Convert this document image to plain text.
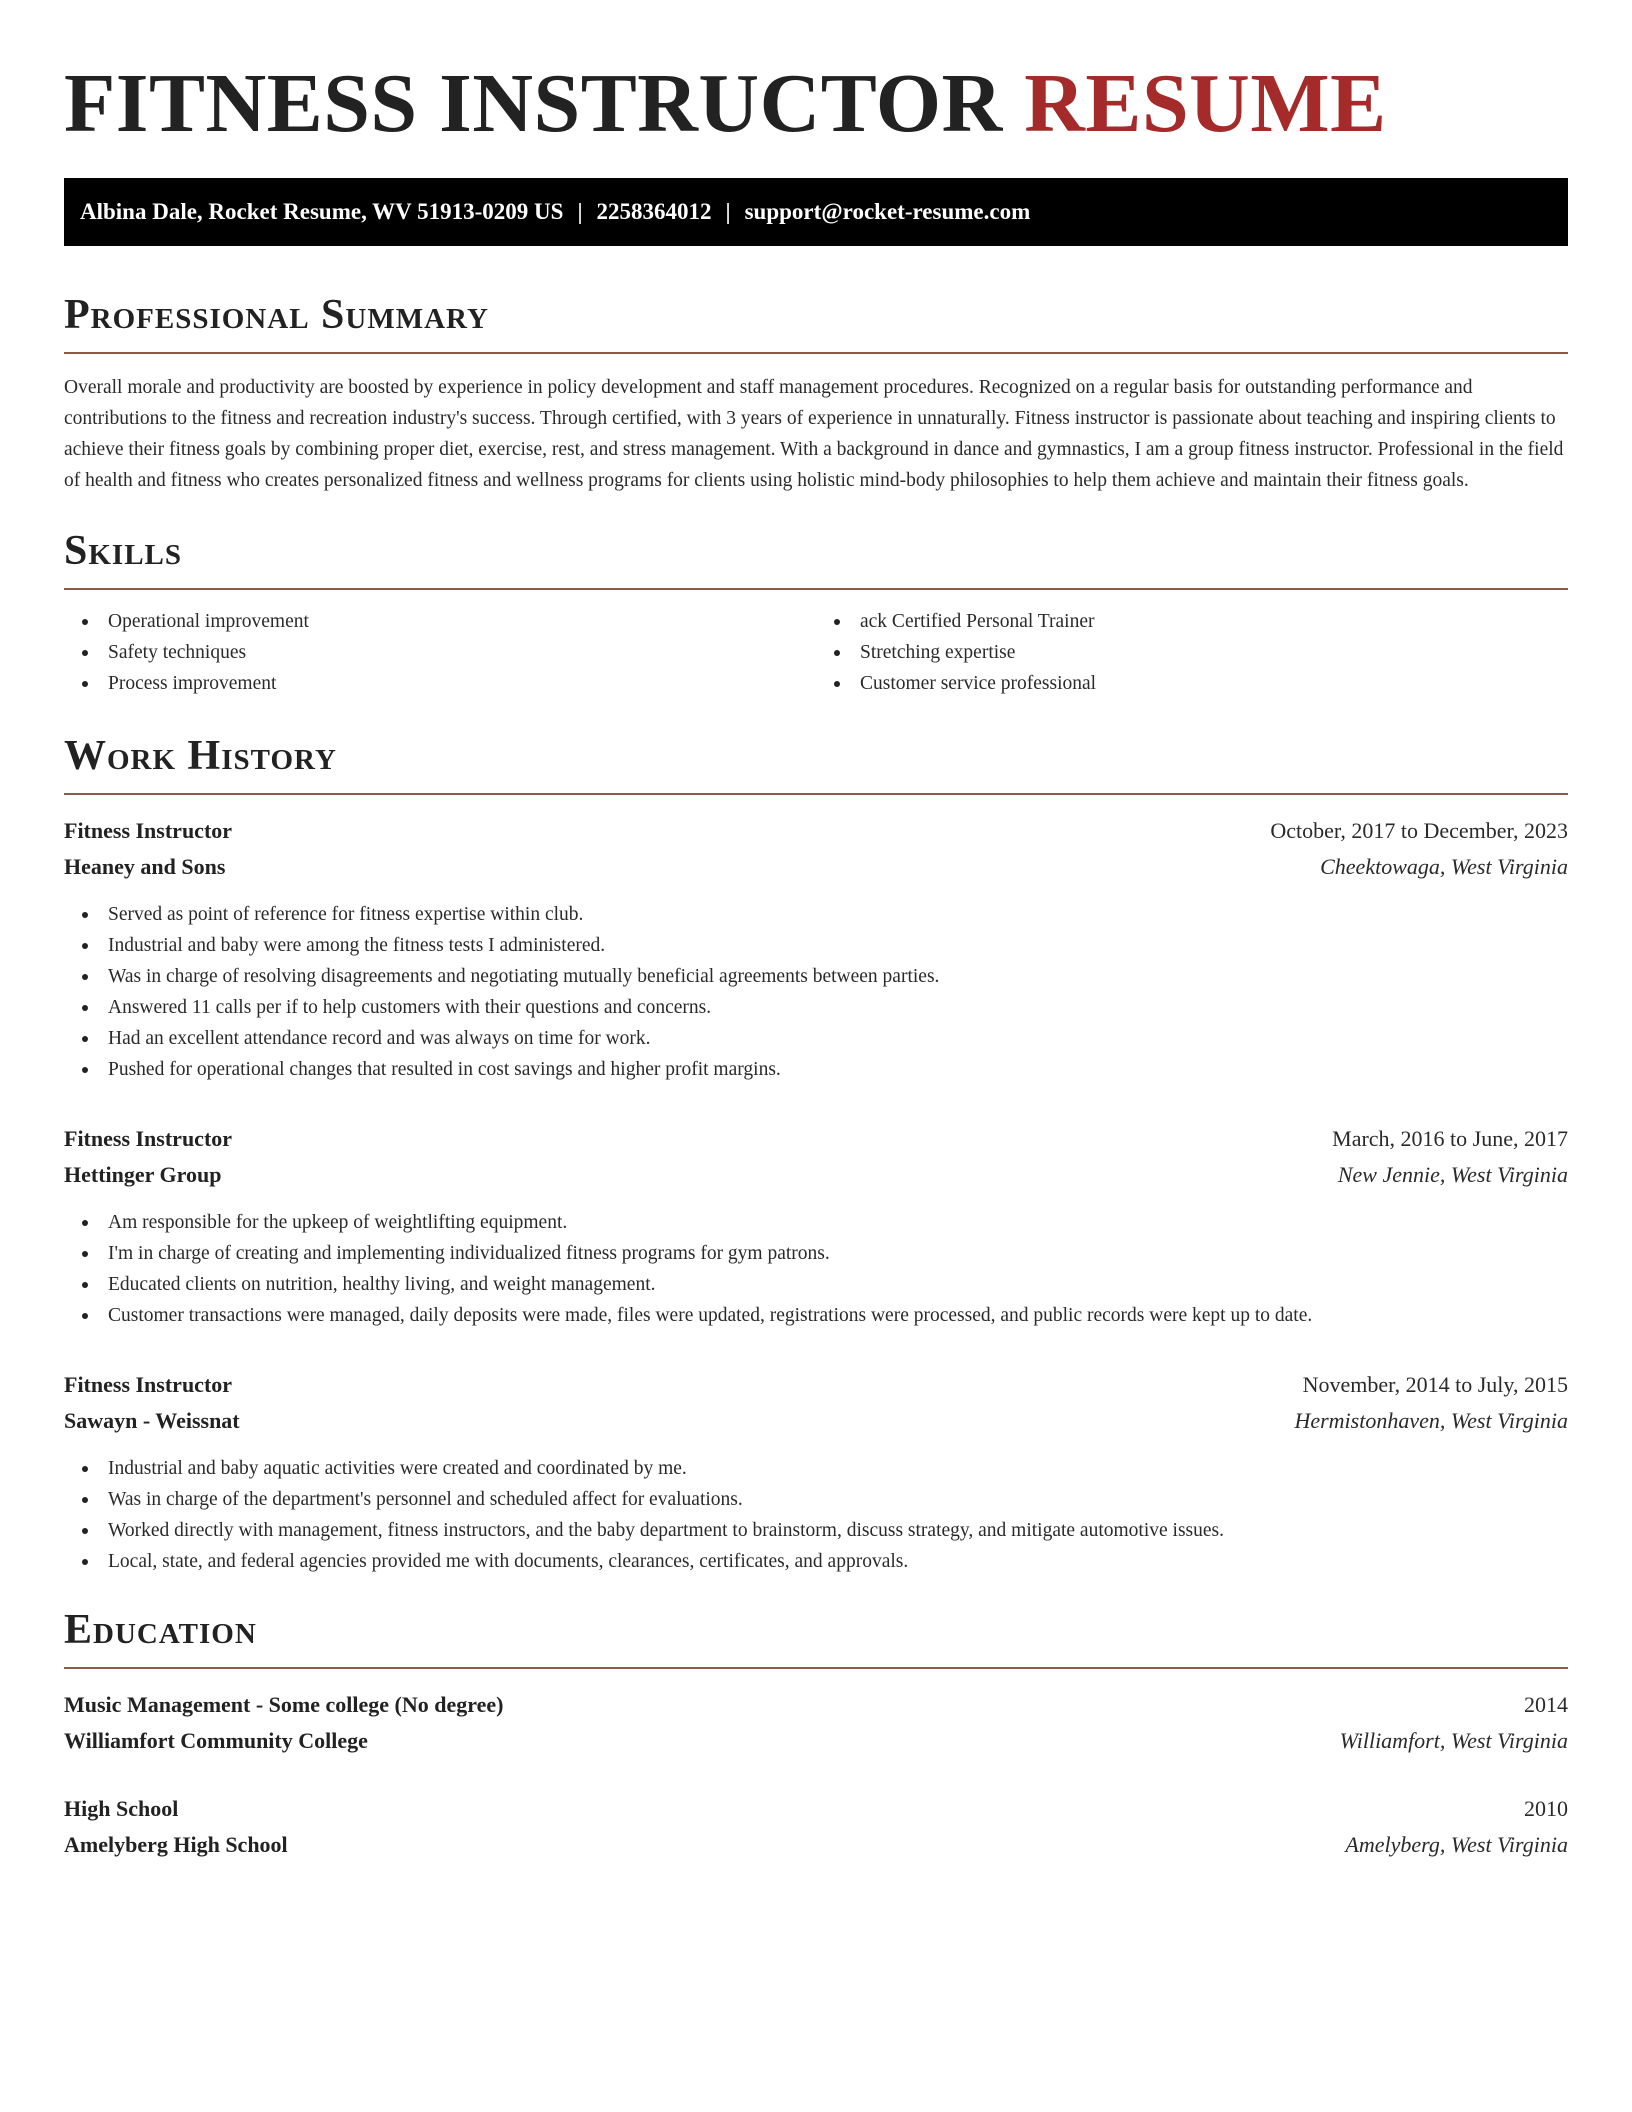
FITNESS INSTRUCTOR RESUME
Albina Dale, Rocket Resume, WV 51913-0209 US | 2258364012 | support@rocket-resume.com
Professional Summary

Overall morale and productivity are boosted by experience in policy development and staff management procedures. Recognized on a regular basis for outstanding performance and contributions to the fitness and recreation industry's success. Through certified, with 3 years of experience in unnaturally. Fitness instructor is passionate about teaching and inspiring clients to achieve their fitness goals by combining proper diet, exercise, rest, and stress management. With a background in dance and gymnastics, I am a group fitness instructor. Professional in the field of health and fitness who creates personalized fitness and wellness programs for clients using holistic mind-body philosophies to help them achieve and maintain their fitness goals.

Skills
Operational improvement
Safety techniques
Process improvement
ack Certified Personal Trainer
Stretching expertise
Customer service professional
Work History
Fitness Instructor	October, 2017 to December, 2023
Heaney and Sons	Cheektowaga, West Virginia
Served as point of reference for fitness expertise within club.
Industrial and baby were among the fitness tests I administered.
Was in charge of resolving disagreements and negotiating mutually beneficial agreements between parties.
Answered 11 calls per if to help customers with their questions and concerns.
Had an excellent attendance record and was always on time for work.
Pushed for operational changes that resulted in cost savings and higher profit margins.
Fitness Instructor	March, 2016 to June, 2017
Hettinger Group	New Jennie, West Virginia
Am responsible for the upkeep of weightlifting equipment.
I'm in charge of creating and implementing individualized fitness programs for gym patrons.
Educated clients on nutrition, healthy living, and weight management.
Customer transactions were managed, daily deposits were made, files were updated, registrations were processed, and public records were kept up to date.
Fitness Instructor	November, 2014 to July, 2015
Sawayn - Weissnat	Hermistonhaven, West Virginia
Industrial and baby aquatic activities were created and coordinated by me.
Was in charge of the department's personnel and scheduled affect for evaluations.
Worked directly with management, fitness instructors, and the baby department to brainstorm, discuss strategy, and mitigate automotive issues.
Local, state, and federal agencies provided me with documents, clearances, certificates, and approvals.
Education
Music Management - Some college (No degree)	2014
Williamfort Community College	Williamfort, West Virginia
High School	2010
Amelyberg High School	Amelyberg, West Virginia
